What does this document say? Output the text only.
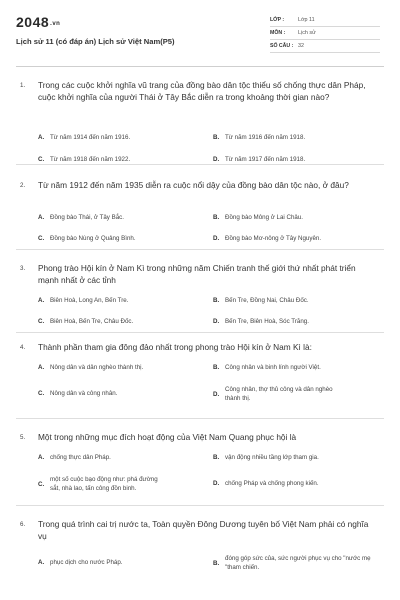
2048.vn
Lịch sử 11 (có đáp án) Lịch sử Việt Nam(P5)
LỚP :	Lớp 11
MÔN :	Lịch sử
SỐ CÂU : 32
1. Trong các cuộc khởi nghĩa vũ trang của đồng bào dân tộc thiểu số chống thực dân Pháp, cuộc khởi nghĩa của người Thái ở Tây Bắc diễn ra trong khoảng thời gian nào?
A. Từ năm 1914 đến năm 1916.	B. Từ năm 1916 đến năm 1918.
C. Từ năm 1918 đến năm 1922.	D. Từ năm 1917 đến năm 1918.
2. Từ năm 1912 đến năm 1935 diễn ra cuộc nổi dậy của đồng bào dân tộc nào, ở đâu?
A. Đồng bào Thái, ở Tây Bắc.	B. Đồng bào Mông ở Lai Châu.
C. Đồng bào Nùng ở Quảng Bình.	D. Đồng bào Mơ-nông ở Tây Nguyên.
3. Phong trào Hội kín ở Nam Kì trong những năm Chiến tranh thế giới thứ nhất phát triển mạnh nhất ở các tỉnh
A. Biên Hoà, Long An, Bến Tre.	B. Bến Tre, Đồng Nai, Châu Đốc.
C. Biên Hoà, Bến Tre, Châu Đốc.	D. Bến Tre, Biên Hoà, Sóc Trăng.
4. Thành phần tham gia đông đảo nhất trong phong trào Hội kín ở Nam Kì là:
A. Nông dân và dân nghèo thành thị.	B. Công nhân và binh lính người Việt.
C. Nông dân và công nhân.	D.
Công nhân, thợ thủ công và dân nghèo thành thị.
5. Một trong những mục đích hoạt động của Việt Nam Quang phục hội là
A. chống thực dân Pháp.	B. vận động nhiều tầng lớp tham gia.
C.
một số cuộc bạo động như: phá đường sắt, nhà lao, tấn công đồn binh.
D. chống Pháp và chống phong kiến.
6. Trong quá trình cai trị nước ta, Toàn quyền Đông Dương tuyên bố Việt Nam phải có nghĩa vụ
A. phục dịch cho nước Pháp.	B.
đóng góp sức của, sức người phục vụ cho "nước mẹ "tham chiến.
